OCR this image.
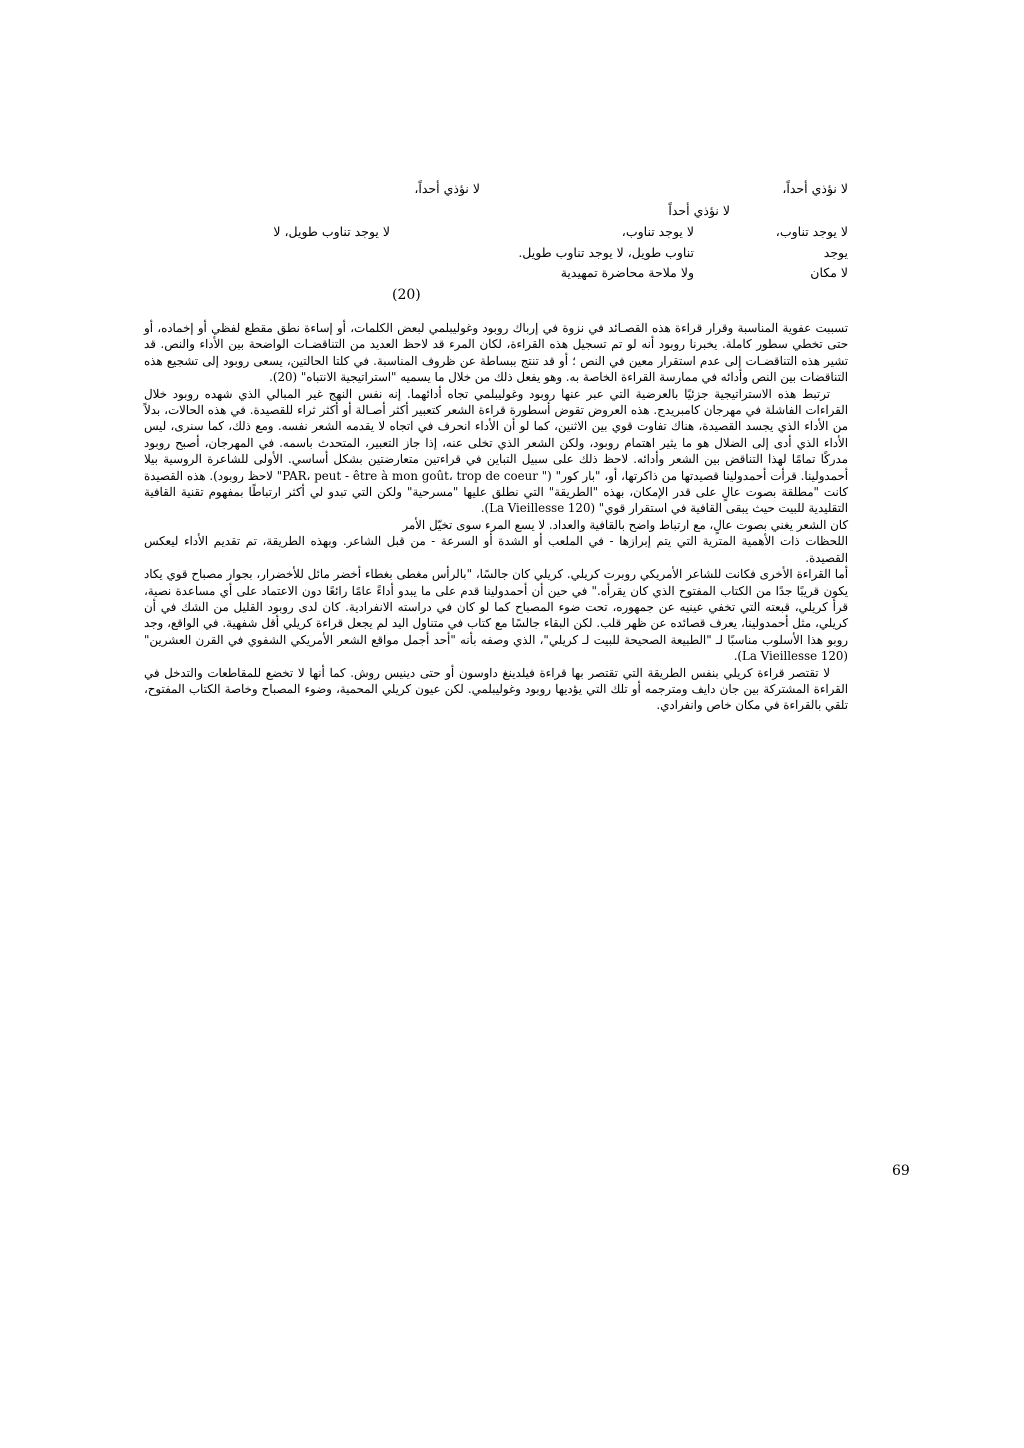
لا نؤذي أحداً،
لا نؤذي أحداً،
لا نؤذي أحداً
لا يوجد تناوب،
لا يوجد تناوب،
لا يوجد تناوب طويل، لا
يوجد
تناوب طويل، لا يوجد تناوب طويل.
لا مكان
ولا ملاحة محاضرة تمهيدية
(20)

تسببت عفوية المناسبة وقرار قراءة هذه القصـائد في نزوة في إرباك روبود وغوليبلمي لبعض الكلمات، أو إساءة نطق مقطع لفظي أو إخماده، أو حتى تخطي سطور كاملة. يخبرنا روبود أنه لو تم تسجيل هذه القراءة، لكان المرء قد لاحظ العديد من التناقضـات الواضحة بين الأداء والنص. قد تشير هذه التناقضـات إلى عدم استقرار معين في النص ؛ أو قد تنتج ببساطة عن ظروف المناسبة. في كلتا الحالتين، يسعى روبود إلى تشجيع هذه التناقضات بين النص وأدائه في ممارسة القراءة الخاصة به. وهو يفعل ذلك من خلال ما يسميه "استراتيجية الانتباه" (20).

ترتبط هذه الاستراتيجية جزئيًا بالعرضية التي عبر عنها روبود وغوليبلمي تجاه أدائهما. إنه نفس النهج غير المبالي الذي شهده روبود خلال القراءات الفاشلة في مهرجان كامبريدج. هذه العروض تقوض أسطورة قراءة الشعر كتعبير أكثر أصـالة أو أكثر ثراء للقصيدة. في هذه الحالات، بدلاً من الأداء الذي يجسد القصيدة، هناك تفاوت قوي بين الاثنين، كما لو أن الأداء انحرف في اتجاه لا يقدمه الشعر نفسه. ومع ذلك، كما سنرى، ليس الأداء الذي أدى إلى الضلال هو ما يثير اهتمام روبود، ولكن الشعر الذي تخلى عنه، إذا جاز التعبير، المتحدث باسمه. في المهرجان، أصبح روبود مدركًا تمامًا لهذا التناقض بين الشعر وأدائه. لاحظ ذلك على سبيل التباين في قراءتين متعارضتين بشكل أساسي. الأولى للشاعرة الروسية بيلا أحمدولينا. قرأت أحمدولينا قصيدتها من ذاكرتها، أو، "بار كور" (" PAR، peut - être à mon goût، trop de coeur" لاحظ روبود). هذه القصيدة كانت "مطلقة بصوت عالٍ على قدر الإمكان، بهذه "الطريقة" التي نطلق عليها "مسرحية" ولكن التي تبدو لي أكثر ارتباطًا بمفهوم تقنية القافية التقليدية للبيت حيث يبقى القافية في استقرار قوي" (La Vieillesse 120).

كان الشعر يغني بصوت عالٍ، مع ارتباط واضح بالقافية والعداد. لا يسع المرء سوى تخيّل الأمر

اللحظات ذات الأهمية المترية التي يتم إبرازها - في الملعب أو الشدة أو السرعة - من قبل الشاعر. وبهذه الطريقة، تم تقديم الأداء ليعكس القصيدة.

أما القراءة الأخرى فكانت للشاعر الأمريكي روبرت كريلي. كريلي كان جالسًا، "بالرأس مغطى بغطاء أخضر مائل للأخضرار، بجوار مصباح قوي يكاد يكون قريبًا جدًا من الكتاب المفتوح الذي كان يقرأه." في حين أن أحمدولينا قدم على ما يبدو أداءً عامًا رائعًا دون الاعتماد على أي مساعدة نصية، قرأ كريلي، قبعته التي تخفي عينيه عن جمهوره، تحت ضوء المصباح كما لو كان في دراسته الانفرادية. كان لدى روبود القليل من الشك في أن كريلي، مثل أحمدولينا، يعرف قصائده عن ظهر قلب. لكن البقاء جالسًا مع كتاب في متناول اليد لم يجعل قراءة كريلي أقل شفهية. في الواقع، وجد روبو هذا الأسلوب مناسبًا لـ "الطبيعة الصحيحة للبيت لـ كريلي"، الذي وصفه بأنه "أحد أجمل مواقع الشعر الأمريكي الشفوي في القرن العشرين" (La Vieillesse 120).

لا تقتصر قراءة كريلي بنفس الطريقة التي تقتصر بها قراءة فيلدينغ داوسون أو حتى دينيس روش. كما أنها لا تخضع للمقاطعات والتدخل في القراءة المشتركة بين جان دايف ومترجمه أو تلك التي يؤديها روبود وغوليبلمي. لكن عيون كريلي المحمية، وضوء المصباح وخاصة الكتاب المفتوح، تلقي بالقراءة في مكان خاص وانفرادي.

69
